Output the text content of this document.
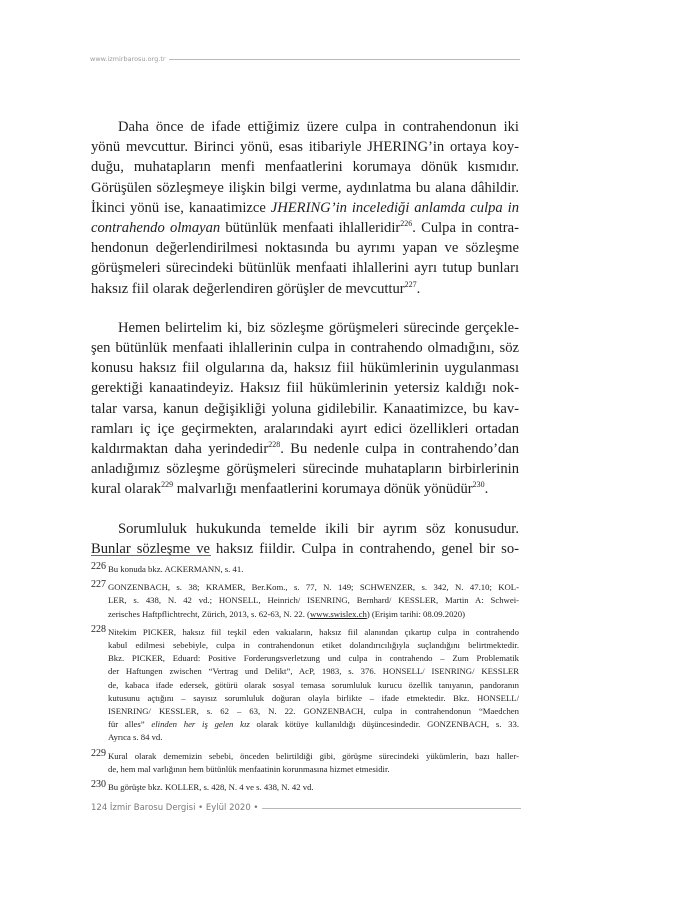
www.izmirbarosu.org.tr
Daha önce de ifade ettiğimiz üzere culpa in contrahendonun iki
yönü mevcuttur. Birinci yönü, esas itibariyle JHERING’in ortaya koy-
duğu, muhatapların menfi menfaatlerini korumaya dönük kısmıdır.
Görüşülen sözleşmeye ilişkin bilgi verme, aydınlatma bu alana dâhildir.
İkinci yönü ise, kanaatimizce JHERING’in incelediği anlamda culpa in
contrahendo olmayan bütünlük menfaati ihlalleridir$^{226}$. Culpa in contra-
hendonun değerlendirilmesi noktasında bu ayrımı yapan ve sözleşme
görüşmeleri sürecindeki bütünlük menfaati ihlallerini ayrı tutup bunları
haksız fiil olarak değerlendiren görüşler de mevcuttur$^{227}$.
Hemen belirtelim ki, biz sözleşme görüşmeleri sürecinde gerçekle-
şen bütünlük menfaati ihlallerinin culpa in contrahendo olmadığını, söz
konusu haksız fiil olgularına da, haksız fiil hükümlerinin uygulanması
gerektiği kanaatindeyiz. Haksız fiil hükümlerinin yetersiz kaldığı nok-
talar varsa, kanun değişikliği yoluna gidilebilir. Kanaatimizce, bu kav-
ramları iç içe geçirmekten, aralarındaki ayırt edici özellikleri ortadan
kaldırmaktan daha yerindedir$^{228}$. Bu nedenle culpa in contrahendo’dan
anladığımız sözleşme görüşmeleri sürecinde muhatapların birbirlerinin
kural olarak$^{229}$ malvarlığı menfaatlerini korumaya dönük yönüdür$^{230}$.
Sorumluluk hukukunda temelde ikili bir ayrım söz konusudur.
Bunlar sözleşme ve haksız fiildir. Culpa in contrahendo, genel bir so-
226 Bu konuda bkz. ACKERMANN, s. 41.
227 GONZENBACH, s. 38; KRAMER, Ber.Kom., s. 77, N. 149; SCHWENZER, s. 342, N. 47.10; KOL-
LER, s. 438, N. 42 vd.; HONSELL, Heinrich/ ISENRING, Bernhard/ KESSLER, Martin A: Schwei-
zerisches Haftpflichtrecht, Zürich, 2013, s. 62-63, N. 22. (www.swislex.ch) (Erişim tarihi: 08.09.2020)
228 Nitekim PICKER, haksız fiil teşkil eden vakıaların, haksız fiil alanından çıkartıp culpa in contrahendo
kabul edilmesi sebebiyle, culpa in contrahendonun etiket dolandırıcılığıyla suçlandığını belirtmektedir.
Bkz. PICKER, Eduard: Positive Forderungsverletzung und culpa in contrahendo – Zum Problematik
der Haftungen zwischen “Vertrag und Delikt”, AcP, 1983, s. 376. HONSELL/ ISENRING/ KESSLER
de, kabaca ifade edersek, götürü olarak sosyal temasa sorumluluk kurucu özellik tanıyanın, pandoranın
kutusunu açtığını – sayısız sorumluluk doğuran olayla birlikte – ifade etmektedir. Bkz. HONSELL/
ISENRING/ KESSLER, s. 62 – 63, N. 22. GONZENBACH, culpa in contrahendonun “Maedchen
für alles” elinden her iş gelen kız olarak kötüye kullanıldığı düşüncesindedir. GONZENBACH, s. 33.
Ayrıca s. 84 vd.
229 Kural olarak dememizin sebebi, önceden belirtildiği gibi, görüşme sürecindeki yükümlerin, bazı haller-
de, hem mal varlığının hem bütünlük menfaatinin korunmasına hizmet etmesidir.
230 Bu görüşte bkz. KOLLER, s. 428, N. 4 ve s. 438, N. 42 vd.
124 İzmir Barosu Dergisi • Eylül 2020 •
